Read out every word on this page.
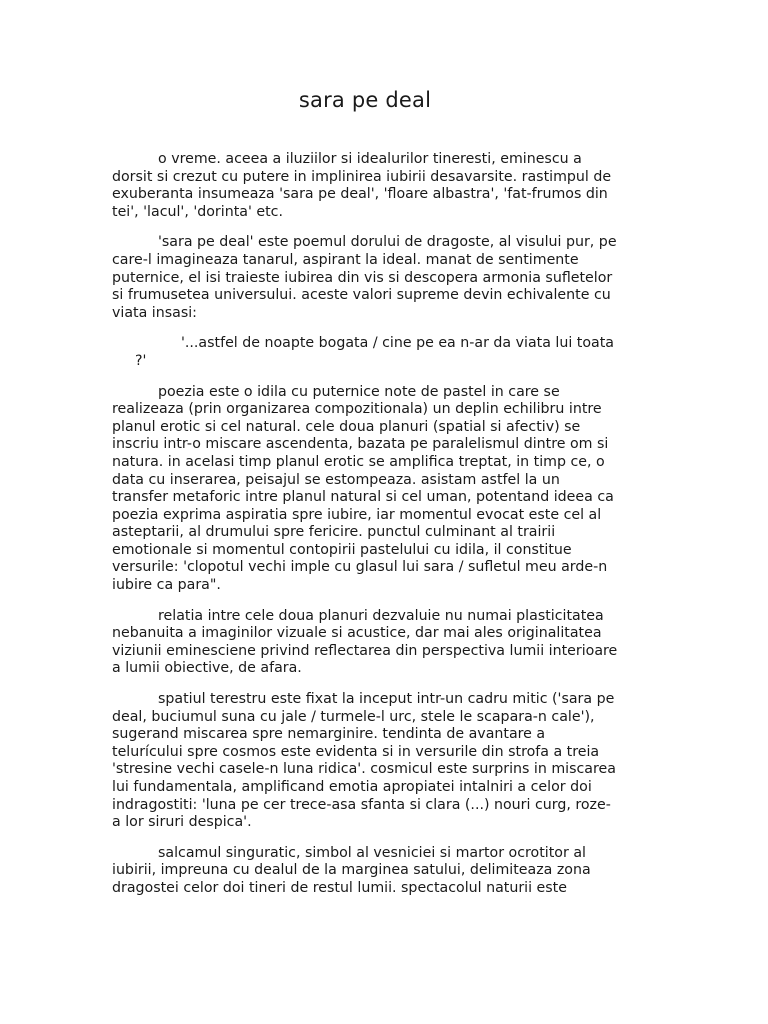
sara pe deal

o vreme. aceea a iluziilor si idealurilor tineresti, eminescu a dorsit si crezut cu putere in implinirea iubirii desavarsite. rastimpul de exuberanta insumeaza 'sara pe deal', 'floare albastra', 'fat-frumos din tei', 'lacul', 'dorinta' etc.

'sara pe deal' este poemul dorului de dragoste, al visului pur, pe care-l imagineaza tanarul, aspirant la ideal. manat de sentimente puternice, el isi traieste iubirea din vis si descopera armonia sufletelor si frumusetea universului. aceste valori supreme devin echivalente cu viata insasi:

'...astfel de noapte bogata / cine pe ea n-ar da viata lui toata ?'

poezia este o idila cu puternice note de pastel in care se realizeaza (prin organizarea compozitionala) un deplin echilibru intre planul erotic si cel natural. cele doua planuri (spatial si afectiv) se inscriu intr-o miscare ascendenta, bazata pe paralelismul dintre om si natura. in acelasi timp planul erotic se amplifica treptat, in timp ce, o data cu inserarea, peisajul se estompeaza. asistam astfel la un transfer metaforic intre planul natural si cel uman, potentand ideea ca poezia exprima aspiratia spre iubire, iar momentul evocat este cel al asteptarii, al drumului spre fericire. punctul culminant al trairii emotionale si momentul contopirii pastelului cu idila, il constitue versurile: 'clopotul vechi imple cu glasul lui sara / sufletul meu arde-n iubire ca para".

relatia intre cele doua planuri dezvaluie nu numai plasticitatea nebanuita a imaginilor vizuale si acustice, dar mai ales originalitatea viziunii eminesciene privind reflectarea din perspectiva lumii interioare a lumii obiective, de afara.

spatiul terestru este fixat la inceput intr-un cadru mitic ('sara pe deal, buciumul suna cu jale / turmele-l urc, stele le scapara-n cale'), sugerand miscarea spre nemarginire. tendinta de avantare a telurícului spre cosmos este evidenta si in versurile din strofa a treia 'stresine vechi casele-n luna ridica'. cosmicul este surprins in miscarea lui fundamentala, amplificand emotia apropiatei intalniri a celor doi indragostiti: 'luna pe cer trece-asa sfanta si clara (...) nouri curg, roze-a lor siruri despica'.

salcamul singuratic, simbol al vesniciei si martor ocrotitor al iubirii, impreuna cu dealul de la marginea satului, delimiteaza zona dragostei celor doi tineri de restul lumii. spectacolul naturii este
